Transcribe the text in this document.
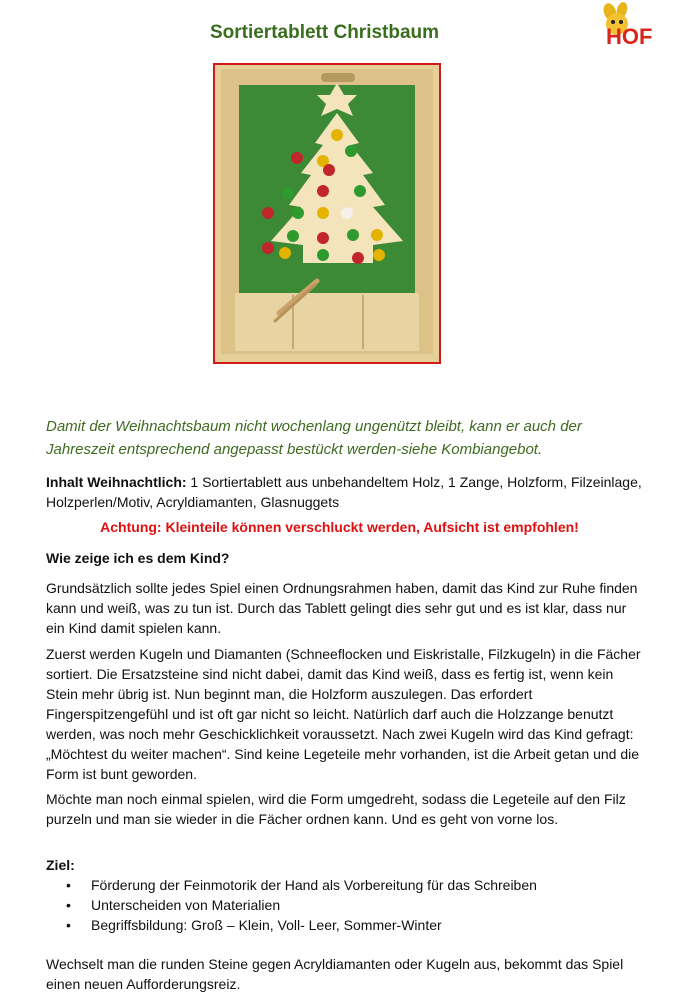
Sortiertablett Christbaum	HOF

Damit der Weihnachtsbaum nicht wochenlang ungenützt bleibt, kann er auch der Jahreszeit entsprechend angepasst bestückt werden-siehe Kombiangebot.

Inhalt Weihnachtlich: 1 Sortiertablett aus unbehandeltem Holz, 1 Zange, Holzform, Filzeinlage, Holzperlen/Motiv, Acryldiamanten, Glasnuggets

Achtung: Kleinteile können verschluckt werden, Aufsicht ist empfohlen!

Wie zeige ich es dem Kind?

Grundsätzlich sollte jedes Spiel einen Ordnungsrahmen haben, damit das Kind zur Ruhe finden kann und weiß, was zu tun ist. Durch das Tablett gelingt dies sehr gut und es ist klar, dass nur ein Kind damit spielen kann.

Zuerst werden Kugeln und Diamanten (Schneeflocken und Eiskristalle, Filzkugeln) in die Fächer sortiert. Die Ersatzsteine sind nicht dabei, damit das Kind weiß, dass es fertig ist, wenn kein Stein mehr übrig ist. Nun beginnt man, die Holzform auszulegen. Das erfordert Fingerspitzengefühl und ist oft gar nicht so leicht. Natürlich darf auch die Holzzange benutzt werden, was noch mehr Geschicklichkeit voraussetzt. Nach zwei Kugeln wird das Kind gefragt: „Möchtest du weiter machen“. Sind keine Legeteile mehr vorhanden, ist die Arbeit getan und die Form ist bunt geworden.

Möchte man noch einmal spielen, wird die Form umgedreht, sodass die Legeteile auf den Filz purzeln und man sie wieder in die Fächer ordnen kann. Und es geht von vorne los.

Ziel:

• Förderung der Feinmotorik der Hand als Vorbereitung für das Schreiben
• Unterscheiden von Materialien
• Begriffsbildung: Groß – Klein, Voll- Leer, Sommer-Winter

Wechselt man die runden Steine gegen Acryldiamanten oder Kugeln aus, bekommt das Spiel einen neuen Aufforderungsreiz.
